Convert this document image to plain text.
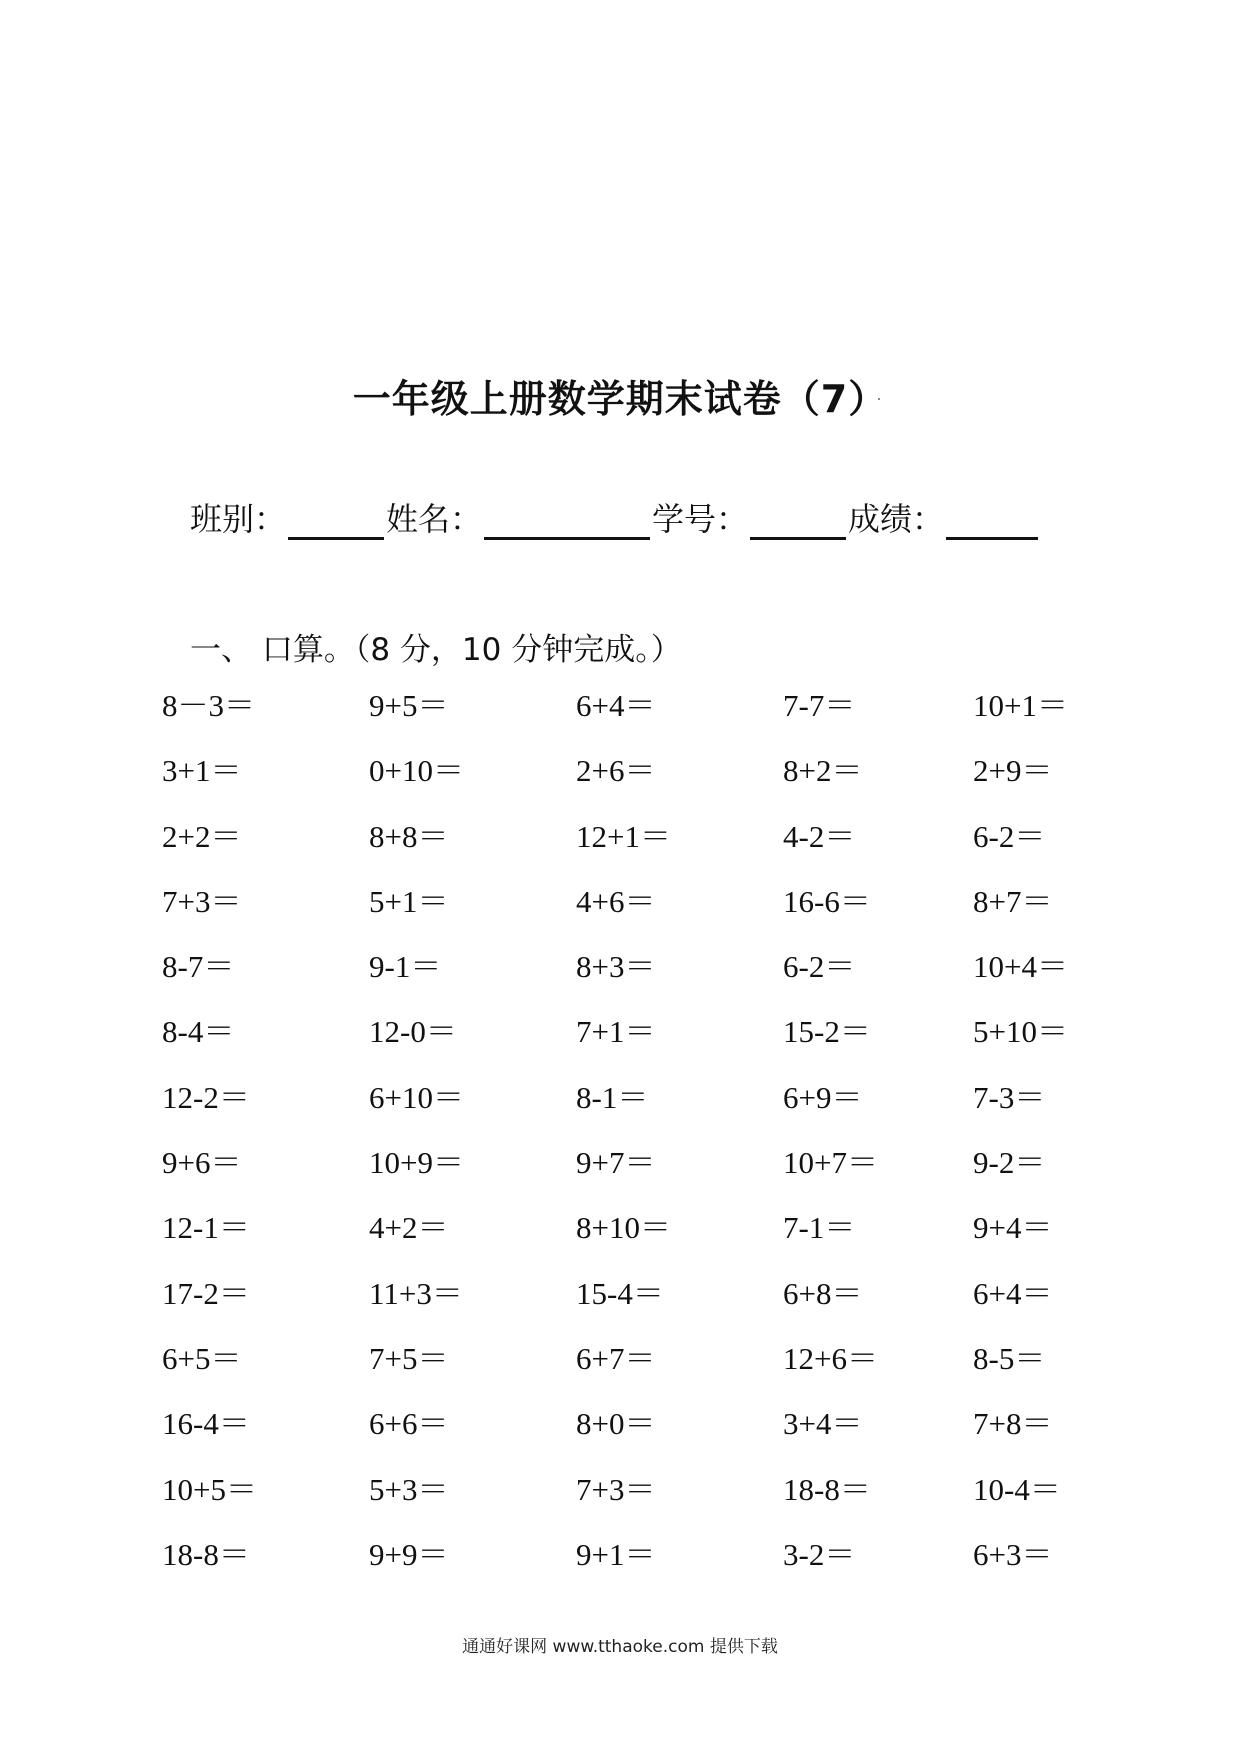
一年级上册数学期末试卷（7）
班别：	姓名：	学号：	成绩：
一、 口算。（8 分，10 分钟完成。）
8－3＝	9+5＝	6+4＝	7-7＝	10+1＝
3+1＝	0+10＝	2+6＝	8+2＝	2+9＝
2+2＝	8+8＝	12+1＝	4-2＝	6-2＝
7+3＝	5+1＝	4+6＝	16-6＝	8+7＝
8-7＝	9-1＝	8+3＝	6-2＝	10+4＝
8-4＝	12-0＝	7+1＝	15-2＝	5+10＝
12-2＝	6+10＝	8-1＝	6+9＝	7-3＝
9+6＝	10+9＝	9+7＝	10+7＝	9-2＝
12-1＝	4+2＝	8+10＝	7-1＝	9+4＝
17-2＝	11+3＝	15-4＝	6+8＝	6+4＝
6+5＝	7+5＝	6+7＝	12+6＝	8-5＝
16-4＝	6+6＝	8+0＝	3+4＝	7+8＝
10+5＝	5+3＝	7+3＝	18-8＝	10-4＝
18-8＝	9+9＝	9+1＝	3-2＝	6+3＝
通通好课网 www.tthaoke.com 提供下载
